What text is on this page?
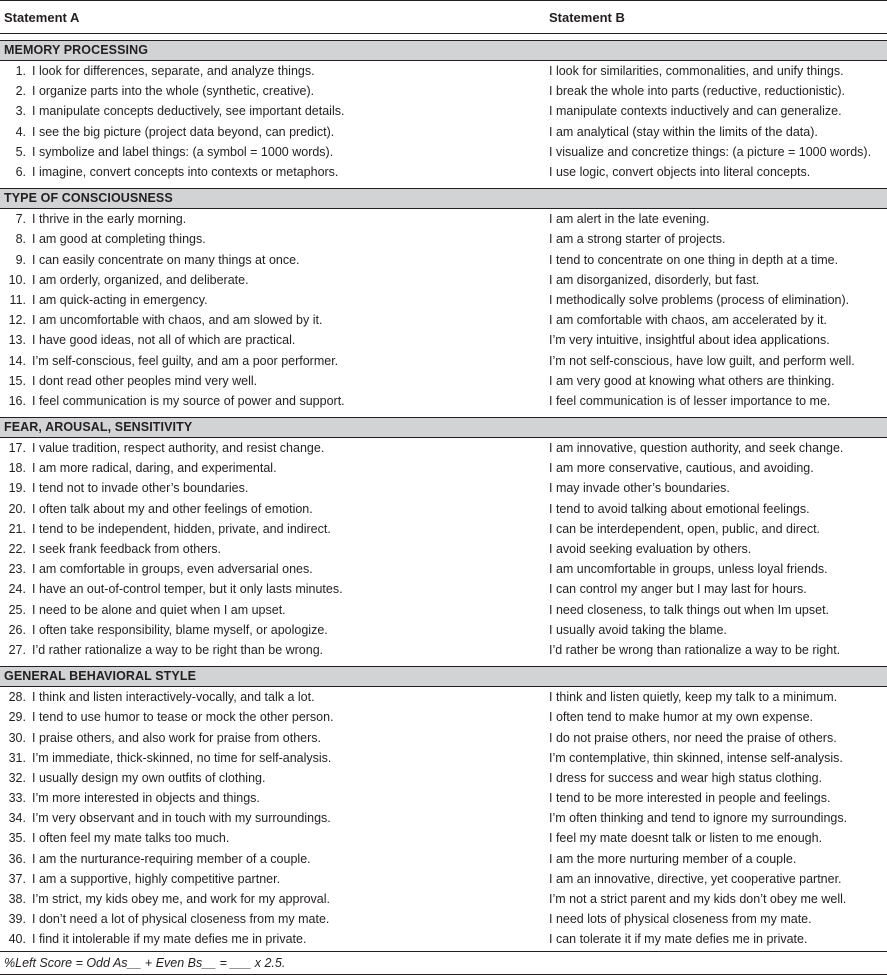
Statement A	Statement B
MEMORY PROCESSING
1. I look for differences, separate, and analyze things.	I look for similarities, commonalities, and unify things.
2. I organize parts into the whole (synthetic, creative).	I break the whole into parts (reductive, reductionistic).
3. I manipulate concepts deductively, see important details.	I manipulate contexts inductively and can generalize.
4. I see the big picture (project data beyond, can predict).	I am analytical (stay within the limits of the data).
5. I symbolize and label things: (a symbol = 1000 words).	I visualize and concretize things: (a picture = 1000 words).
6. I imagine, convert concepts into contexts or metaphors.	I use logic, convert objects into literal concepts.
TYPE OF CONSCIOUSNESS
7. I thrive in the early morning.	I am alert in the late evening.
8. I am good at completing things.	I am a strong starter of projects.
9. I can easily concentrate on many things at once.	I tend to concentrate on one thing in depth at a time.
10. I am orderly, organized, and deliberate.	I am disorganized, disorderly, but fast.
11. I am quick-acting in emergency.	I methodically solve problems (process of elimination).
12. I am uncomfortable with chaos, and am slowed by it.	I am comfortable with chaos, am accelerated by it.
13. I have good ideas, not all of which are practical.	I’m very intuitive, insightful about idea applications.
14. I’m self-conscious, feel guilty, and am a poor performer.	I’m not self-conscious, have low guilt, and perform well.
15. I dont read other peoples mind very well.	I am very good at knowing what others are thinking.
16. I feel communication is my source of power and support.	I feel communication is of lesser importance to me.
FEAR, AROUSAL, SENSITIVITY
17. I value tradition, respect authority, and resist change.	I am innovative, question authority, and seek change.
18. I am more radical, daring, and experimental.	I am more conservative, cautious, and avoiding.
19. I tend not to invade other’s boundaries.	I may invade other’s boundaries.
20. I often talk about my and other feelings of emotion.	I tend to avoid talking about emotional feelings.
21. I tend to be independent, hidden, private, and indirect.	I can be interdependent, open, public, and direct.
22. I seek frank feedback from others.	I avoid seeking evaluation by others.
23. I am comfortable in groups, even adversarial ones.	I am uncomfortable in groups, unless loyal friends.
24. I have an out-of-control temper, but it only lasts minutes.	I can control my anger but I may last for hours.
25. I need to be alone and quiet when I am upset.	I need closeness, to talk things out when Im upset.
26. I often take responsibility, blame myself, or apologize.	I usually avoid taking the blame.
27. I’d rather rationalize a way to be right than be wrong.	I’d rather be wrong than rationalize a way to be right.
GENERAL BEHAVIORAL STYLE
28. I think and listen interactively-vocally, and talk a lot.	I think and listen quietly, keep my talk to a minimum.
29. I tend to use humor to tease or mock the other person.	I often tend to make humor at my own expense.
30. I praise others, and also work for praise from others.	I do not praise others, nor need the praise of others.
31. I’m immediate, thick-skinned, no time for self-analysis.	I’m contemplative, thin skinned, intense self-analysis.
32. I usually design my own outfits of clothing.	I dress for success and wear high status clothing.
33. I’m more interested in objects and things.	I tend to be more interested in people and feelings.
34. I’m very observant and in touch with my surroundings.	I’m often thinking and tend to ignore my surroundings.
35. I often feel my mate talks too much.	I feel my mate doesnt talk or listen to me enough.
36. I am the nurturance-requiring member of a couple.	I am the more nurturing member of a couple.
37. I am a supportive, highly competitive partner.	I am an innovative, directive, yet cooperative partner.
38. I’m strict, my kids obey me, and work for my approval.	I’m not a strict parent and my kids don’t obey me well.
39. I don’t need a lot of physical closeness from my mate.	I need lots of physical closeness from my mate.
40. I find it intolerable if my mate defies me in private.	I can tolerate it if my mate defies me in private.
%Left Score = Odd As__ + Even Bs__ = ___ x 2.5.
